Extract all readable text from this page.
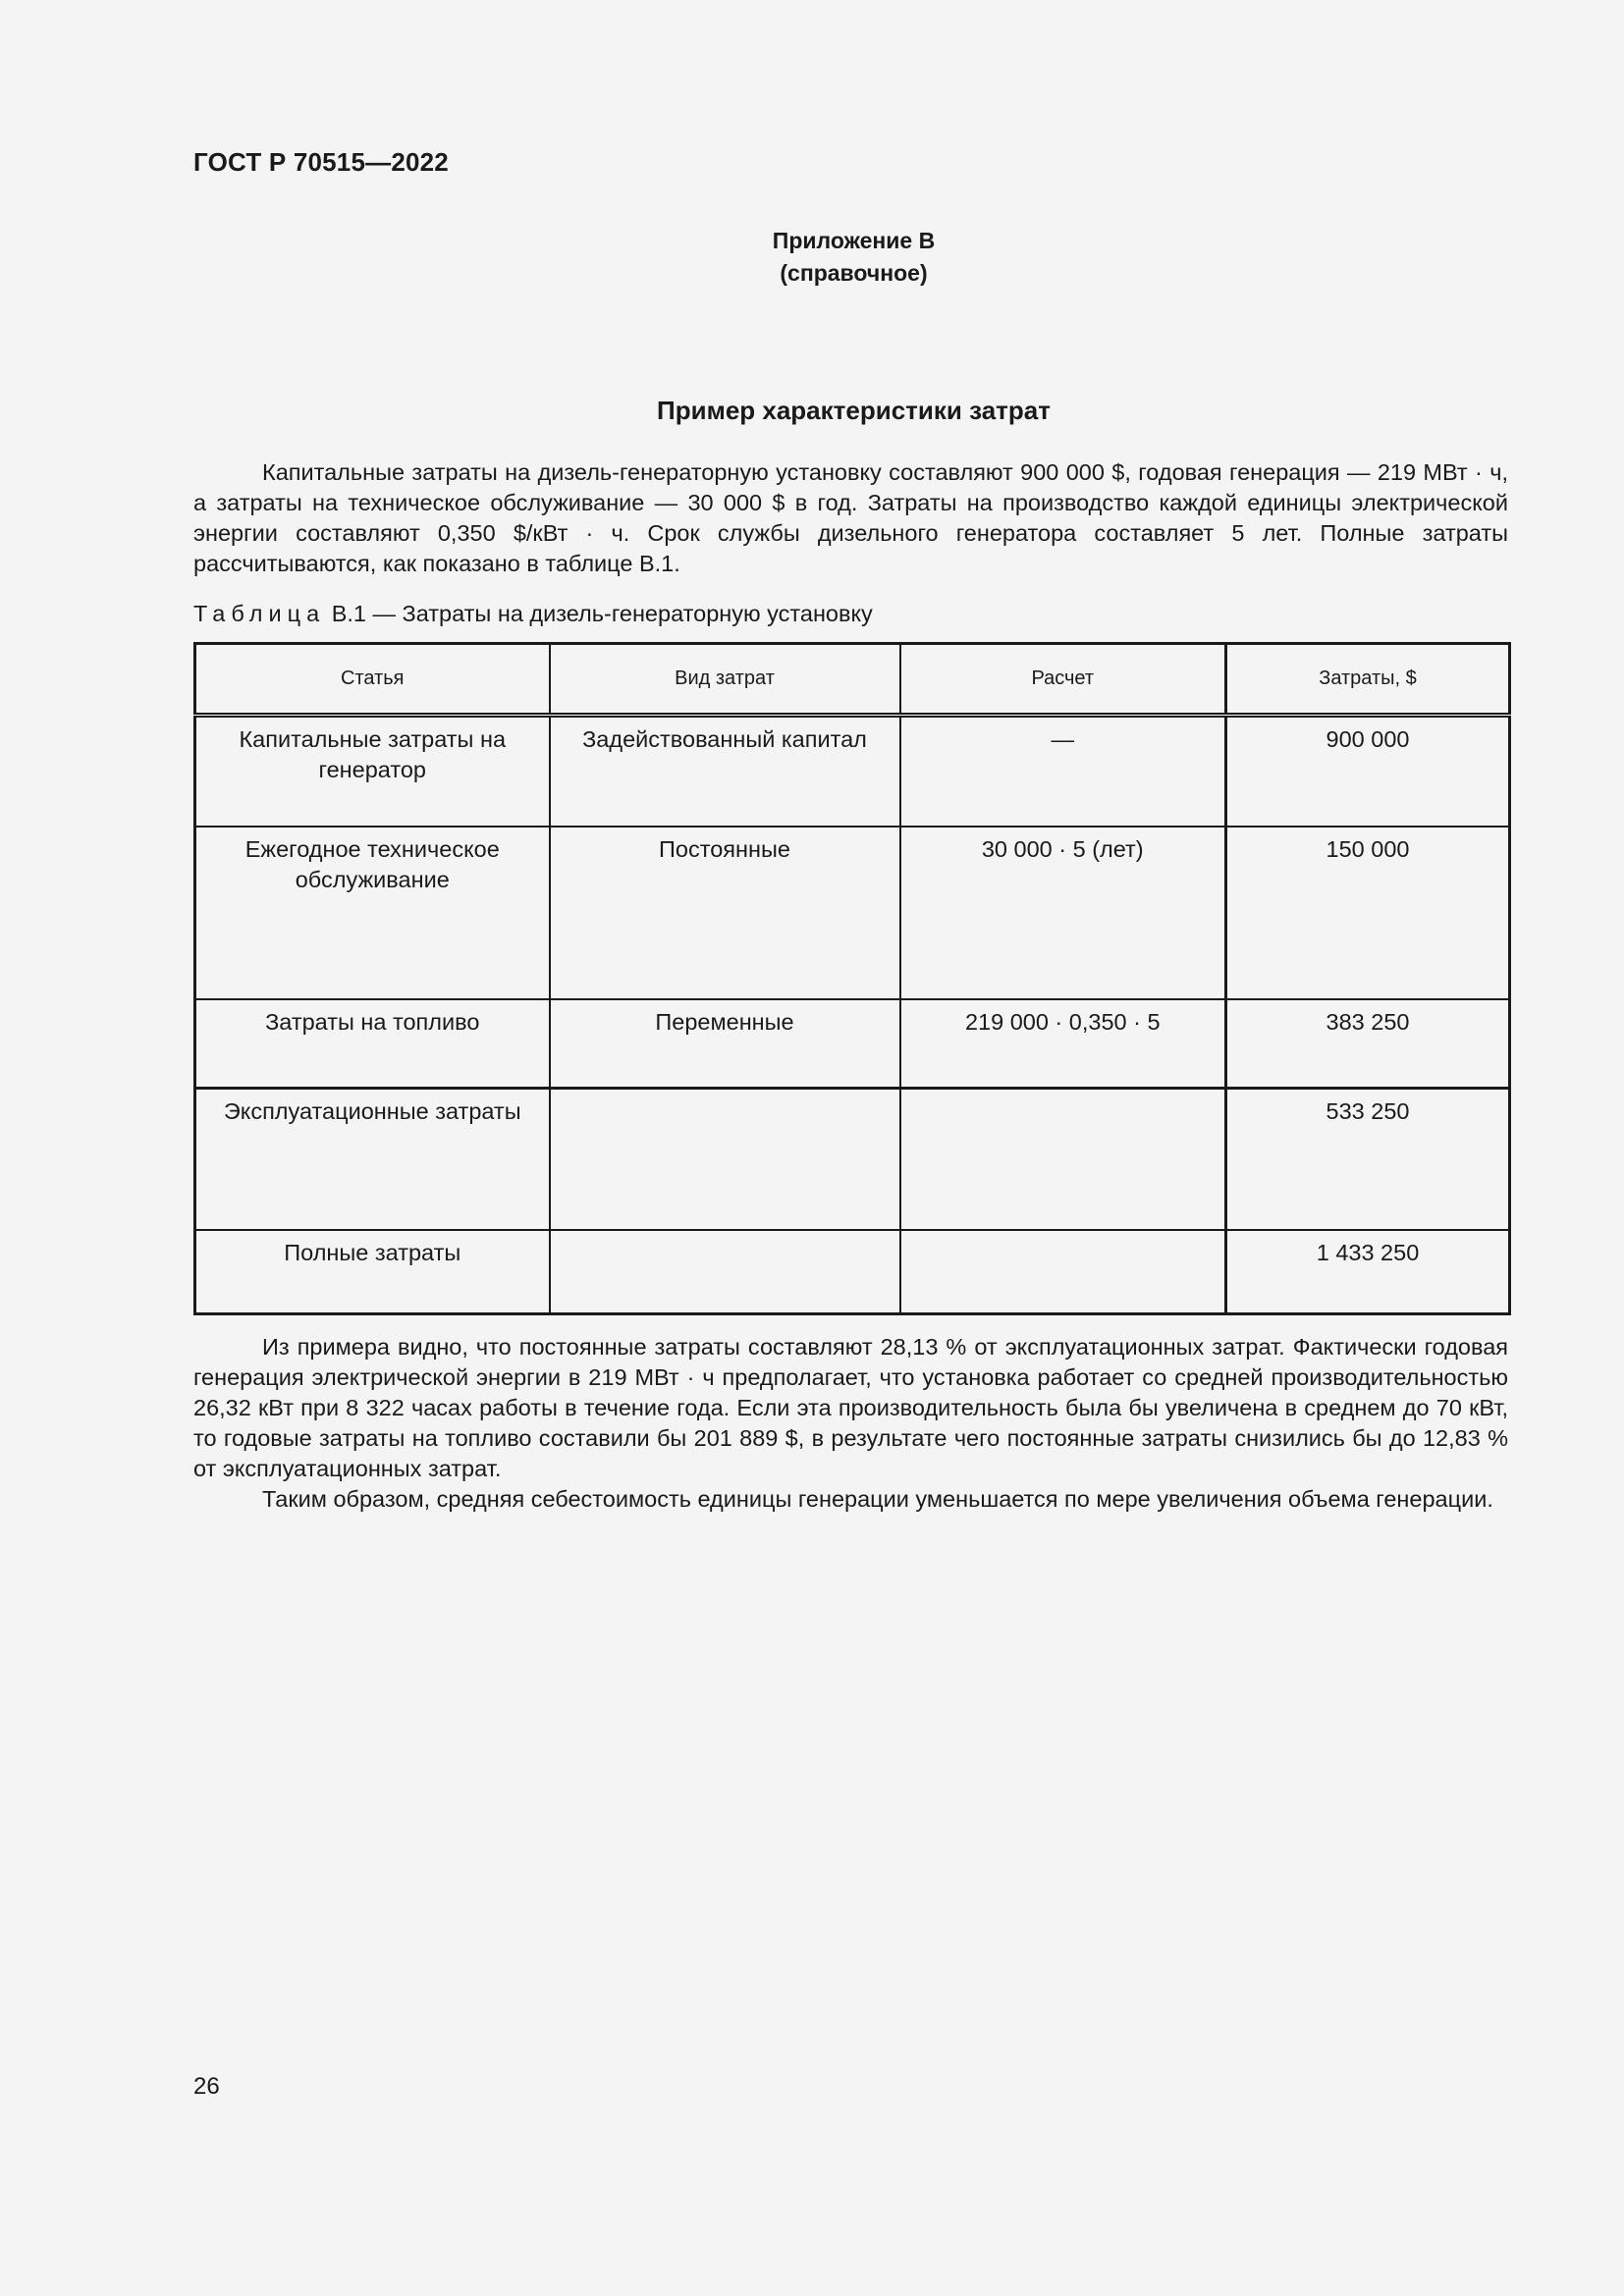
ГОСТ Р 70515—2022
Приложение В
(справочное)
Пример характеристики затрат

Капитальные затраты на дизель-генераторную установку составляют 900 000 $, годовая генерация — 219 МВт · ч, а затраты на техническое обслуживание — 30 000 $ в год. Затраты на производство каждой единицы электрической энергии составляют 0,350 $/кВт · ч. Срок службы дизельного генератора составляет 5 лет. Полные затраты рассчитываются, как показано в таблице В.1.

Таблица В.1 — Затраты на дизель-генераторную установку
Статья	Вид затрат	Расчет	Затраты, $
Капитальные затраты на генератор	Задействованный капитал	—	900 000
Ежегодное техническое обслуживание	Постоянные	30 000 · 5 (лет)	150 000
Затраты на топливо	Переменные	219 000 · 0,350 · 5	383 250
Эксплуатационные затраты			533 250
Полные затраты			1 433 250

Из примера видно, что постоянные затраты составляют 28,13 % от эксплуатационных затрат. Фактически годовая генерация электрической энергии в 219 МВт · ч предполагает, что установка работает со средней производительностью 26,32 кВт при 8 322 часах работы в течение года. Если эта производительность была бы увеличена в среднем до 70 кВт, то годовые затраты на топливо составили бы 201 889 $, в результате чего постоянные затраты снизились бы до 12,83 % от эксплуатационных затрат.

Таким образом, средняя себестоимость единицы генерации уменьшается по мере увеличения объема генерации.

26
